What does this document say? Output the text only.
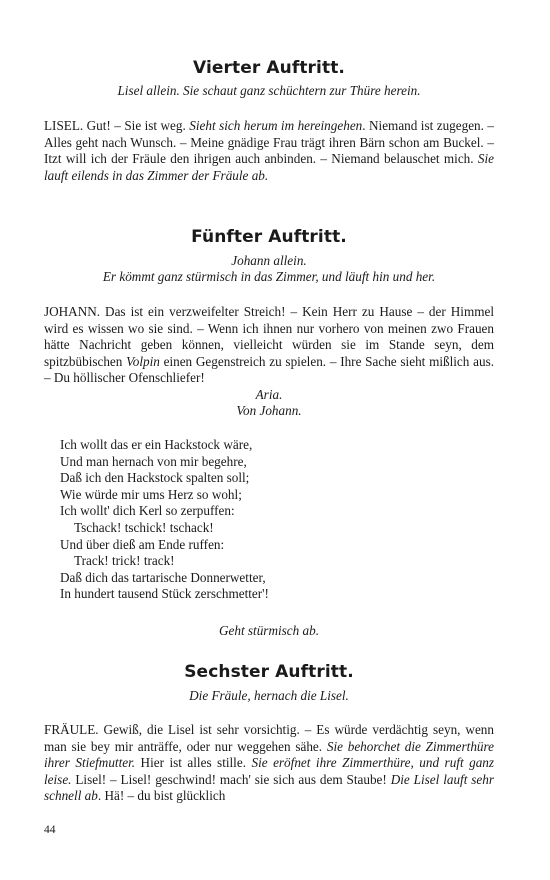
Vierter Auftritt.

Lisel allein. Sie schaut ganz schüchtern zur Thüre herein.

LISEL. Gut! – Sie ist weg. Sieht sich herum im hereingehen. Niemand ist zugegen. – Alles geht nach Wunsch. – Meine gnädige Frau trägt ihren Bärn schon am Buckel. – Itzt will ich der Fräule den ihrigen auch anbinden. – Niemand belauschet mich. Sie lauft eilends in das Zimmer der Fräule ab.

Fünfter Auftritt.

Johann allein.

Er kömmt ganz stürmisch in das Zimmer, und läuft hin und her.

JOHANN. Das ist ein verzweifelter Streich! – Kein Herr zu Hause – der Himmel wird es wissen wo sie sind. – Wenn ich ihnen nur vorhero von meinen zwo Frauen hätte Nachricht geben können, vielleicht würden sie im Stande seyn, dem spitzbübischen Volpin einen Gegenstreich zu spielen. – Ihre Sache sieht mißlich aus. – Du höllischer Ofenschliefer!

Aria.

Von Johann.

Ich wollt das er ein Hackstock wäre,
Und man hernach von mir begehre,
Daß ich den Hackstock spalten soll;
Wie würde mir ums Herz so wohl;
Ich wollt' dich Kerl so zerpuffen:
Tschack! tschick! tschack!
Und über dieß am Ende ruffen:
Track! trick! track!
Daß dich das tartarische Donnerwetter,
In hundert tausend Stück zerschmetter'!

Geht stürmisch ab.

Sechster Auftritt.

Die Fräule, hernach die Lisel.

FRÄULE. Gewiß, die Lisel ist sehr vorsichtig. – Es würde verdächtig seyn, wenn man sie bey mir anträffe, oder nur weggehen sähe. Sie behorchet die Zimmerthüre ihrer Stiefmutter. Hier ist alles stille. Sie eröfnet ihre Zimmerthüre, und ruft ganz leise. Lisel! – Lisel! geschwind! mach' sie sich aus dem Staube! Die Lisel lauft sehr schnell ab. Hä! – du bist glücklich

44
